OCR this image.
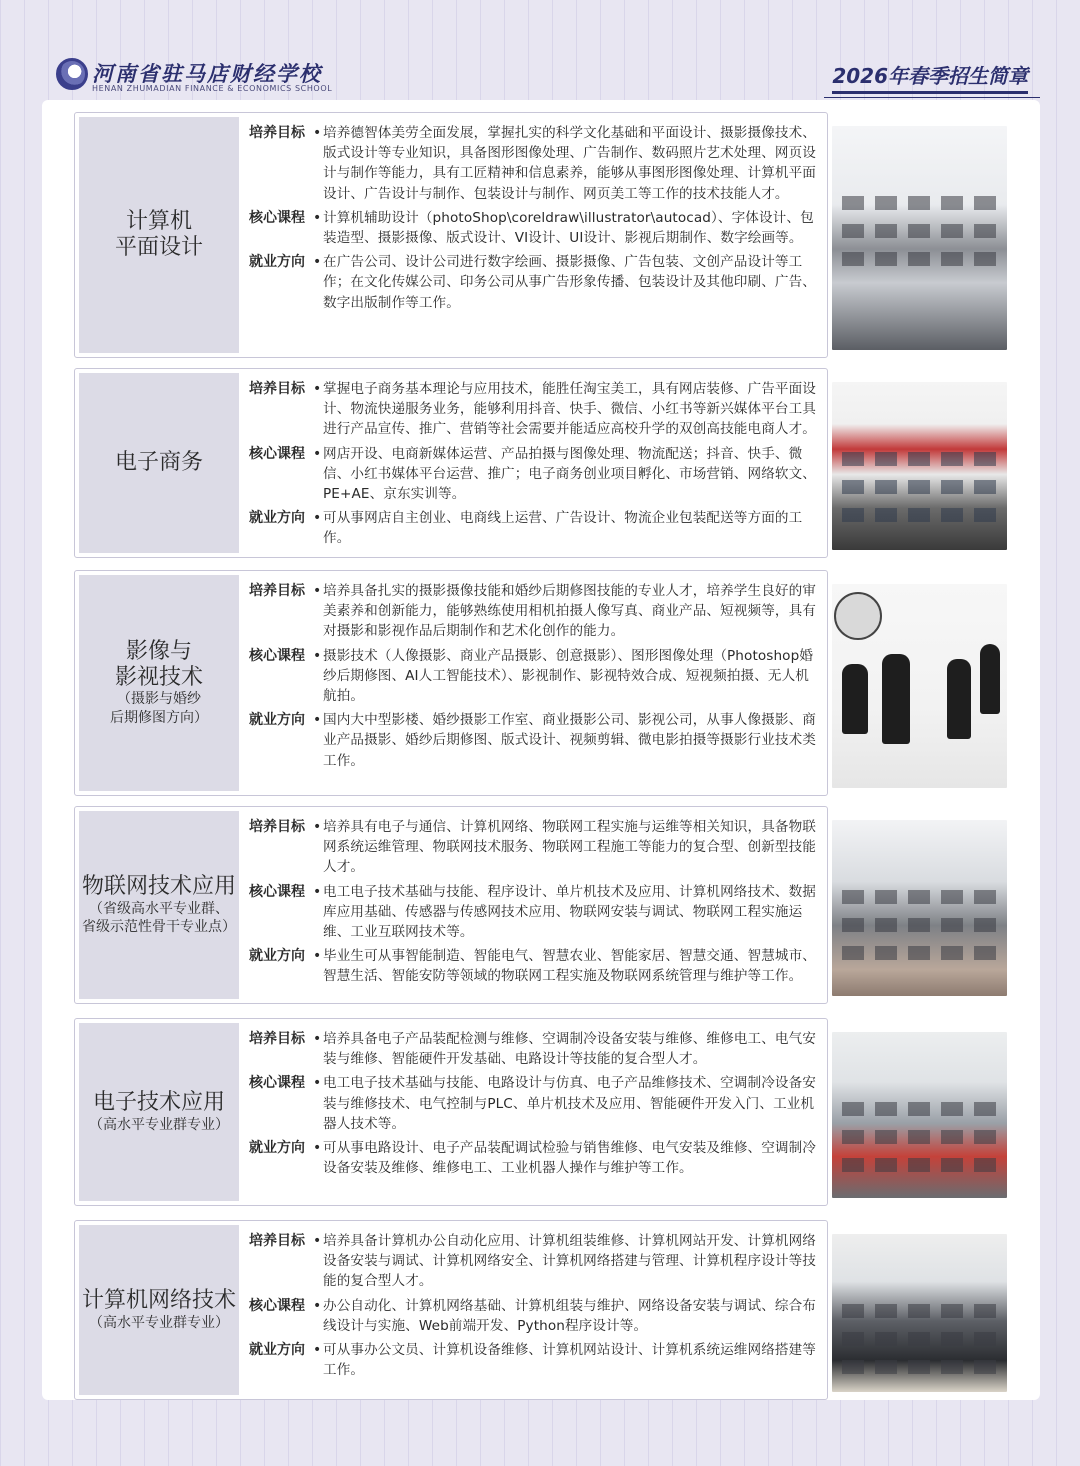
河南省驻马店财经学校
HENAN ZHUMADIAN FINANCE & ECONOMICS SCHOOL
2026年春季招生简章
计算机
平面设计
培养目标 • 培养德智体美劳全面发展，掌握扎实的科学文化基础和平面设计、摄影摄像技术、版式设计等专业知识，具备图形图像处理、广告制作、数码照片艺术处理、网页设计与制作等能力，具有工匠精神和信息素养，能够从事图形图像处理、计算机平面设计、广告设计与制作、包装设计与制作、网页美工等工作的技术技能人才。
核心课程 • 计算机辅助设计（photoShop\coreldraw\illustrator\autocad）、字体设计、包装造型、摄影摄像、版式设计、VI设计、UI设计、影视后期制作、数字绘画等。
就业方向 • 在广告公司、设计公司进行数字绘画、摄影摄像、广告包装、文创产品设计等工作；在文化传媒公司、印务公司从事广告形象传播、包装设计及其他印刷、广告、数字出版制作等工作。
电子商务
培养目标 • 掌握电子商务基本理论与应用技术，能胜任淘宝美工，具有网店装修、广告平面设计、物流快递服务业务，能够利用抖音、快手、微信、小红书等新兴媒体平台工具进行产品宣传、推广、营销等社会需要并能适应高校升学的双创高技能电商人才。
核心课程 • 网店开设、电商新媒体运营、产品拍摄与图像处理、物流配送；抖音、快手、微信、小红书媒体平台运营、推广；电子商务创业项目孵化、市场营销、网络软文、PE+AE、京东实训等。
就业方向 • 可从事网店自主创业、电商线上运营、广告设计、物流企业包装配送等方面的工作。
影像与
影视技术
（摄影与婚纱
后期修图方向）
培养目标 • 培养具备扎实的摄影摄像技能和婚纱后期修图技能的专业人才，培养学生良好的审美素养和创新能力，能够熟练使用相机拍摄人像写真、商业产品、短视频等，具有对摄影和影视作品后期制作和艺术化创作的能力。
核心课程 • 摄影技术（人像摄影、商业产品摄影、创意摄影）、图形图像处理（Photoshop婚纱后期修图、AI人工智能技术）、影视制作、影视特效合成、短视频拍摄、无人机航拍。
就业方向 • 国内大中型影楼、婚纱摄影工作室、商业摄影公司、影视公司，从事人像摄影、商业产品摄影、婚纱后期修图、版式设计、视频剪辑、微电影拍摄等摄影行业技术类工作。
物联网技术应用
（省级高水平专业群、
省级示范性骨干专业点）
培养目标 • 培养具有电子与通信、计算机网络、物联网工程实施与运维等相关知识，具备物联网系统运维管理、物联网技术服务、物联网工程施工等能力的复合型、创新型技能人才。
核心课程 • 电工电子技术基础与技能、程序设计、单片机技术及应用、计算机网络技术、数据库应用基础、传感器与传感网技术应用、物联网安装与调试、物联网工程实施运维、工业互联网技术等。
就业方向 • 毕业生可从事智能制造、智能电气、智慧农业、智能家居、智慧交通、智慧城市、智慧生活、智能安防等领域的物联网工程实施及物联网系统管理与维护等工作。
电子技术应用
（高水平专业群专业）
培养目标 • 培养具备电子产品装配检测与维修、空调制冷设备安装与维修、维修电工、电气安装与维修、智能硬件开发基础、电路设计等技能的复合型人才。
核心课程 • 电工电子技术基础与技能、电路设计与仿真、电子产品维修技术、空调制冷设备安装与维修技术、电气控制与PLC、单片机技术及应用、智能硬件开发入门、工业机器人技术等。
就业方向 • 可从事电路设计、电子产品装配调试检验与销售维修、电气安装及维修、空调制冷设备安装及维修、维修电工、工业机器人操作与维护等工作。
计算机网络技术
（高水平专业群专业）
培养目标 • 培养具备计算机办公自动化应用、计算机组装维修、计算机网站开发、计算机网络设备安装与调试、计算机网络安全、计算机网络搭建与管理、计算机程序设计等技能的复合型人才。
核心课程 • 办公自动化、计算机网络基础、计算机组装与维护、网络设备安装与调试、综合布线设计与实施、Web前端开发、Python程序设计等。
就业方向 • 可从事办公文员、计算机设备维修、计算机网站设计、计算机系统运维网络搭建等工作。
